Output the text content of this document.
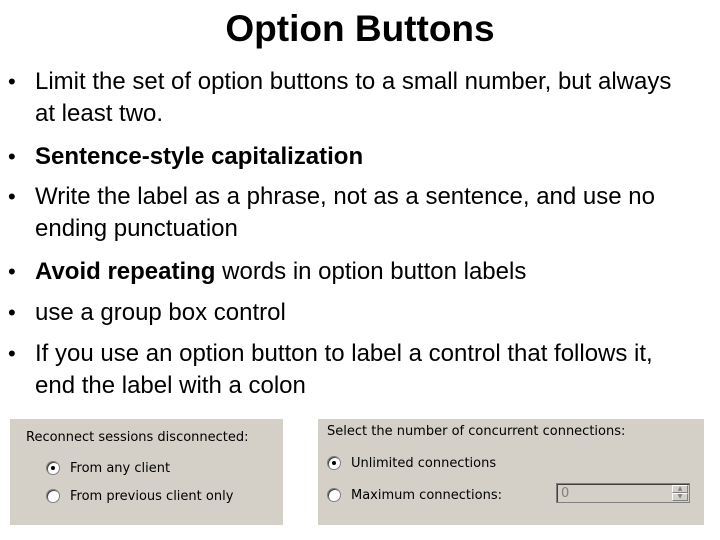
Option Buttons
• Limit the set of option buttons to a small number, but always at least two.
• Sentence-style capitalization
• Write the label as a phrase, not as a sentence, and use no ending punctuation
• Avoid repeating words in option button labels
• use a group box control
• If you use an option button to label a control that follows it, end the label with a colon
Reconnect sessions disconnected:
From any client
From previous client only
Select the number of concurrent connections:
Unlimited connections
Maximum connections:	0	▲
▼
